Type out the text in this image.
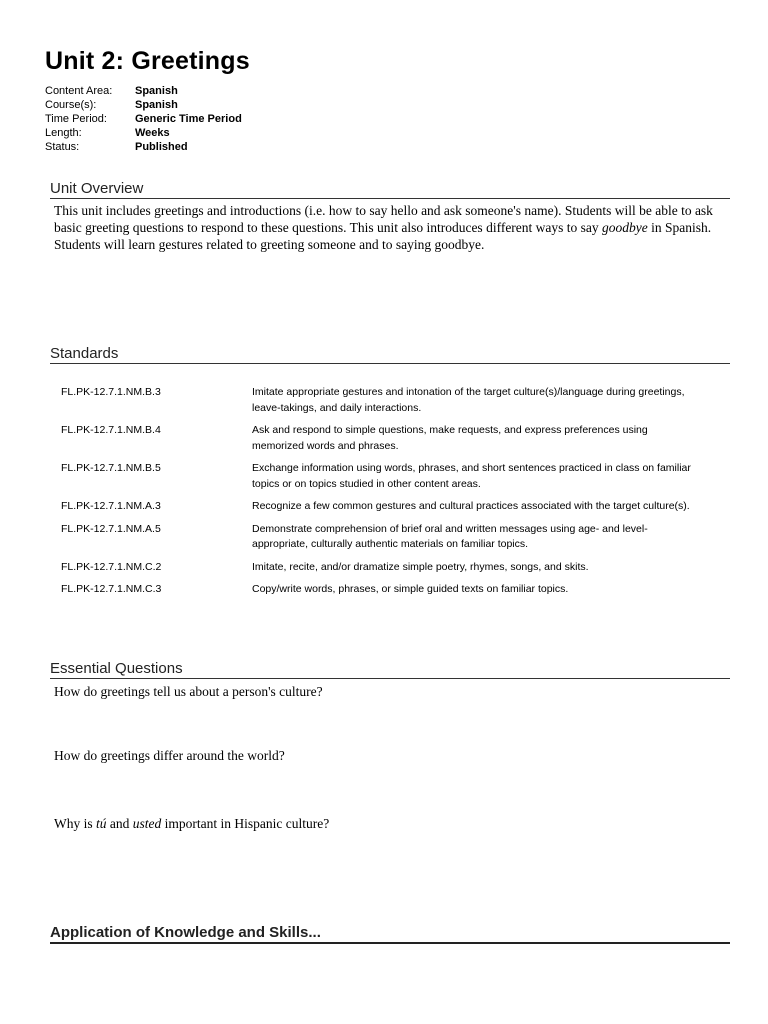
Unit 2: Greetings
Content Area:	Spanish
Course(s):	Spanish
Time Period:	Generic Time Period
Length:	Weeks
Status:	Published
Unit Overview
This unit includes greetings and introductions (i.e. how to say hello and ask someone's name). Students will be able to ask basic greeting questions to respond to these questions. This unit also introduces different ways to say goodbye in Spanish. Students will learn gestures related to greeting someone and to saying goodbye.
Standards
FL.PK-12.7.1.NM.B.3	Imitate appropriate gestures and intonation of the target culture(s)/language during greetings, leave-takings, and daily interactions.
FL.PK-12.7.1.NM.B.4	Ask and respond to simple questions, make requests, and express preferences using memorized words and phrases.
FL.PK-12.7.1.NM.B.5	Exchange information using words, phrases, and short sentences practiced in class on familiar topics or on topics studied in other content areas.
FL.PK-12.7.1.NM.A.3	Recognize a few common gestures and cultural practices associated with the target culture(s).
FL.PK-12.7.1.NM.A.5	Demonstrate comprehension of brief oral and written messages using age- and level-appropriate, culturally authentic materials on familiar topics.
FL.PK-12.7.1.NM.C.2	Imitate, recite, and/or dramatize simple poetry, rhymes, songs, and skits.
FL.PK-12.7.1.NM.C.3	Copy/write words, phrases, or simple guided texts on familiar topics.
Essential Questions
How do greetings tell us about a person's culture?
How do greetings differ around the world?
Why is tú and usted important in Hispanic culture?
Application of Knowledge and Skills...
